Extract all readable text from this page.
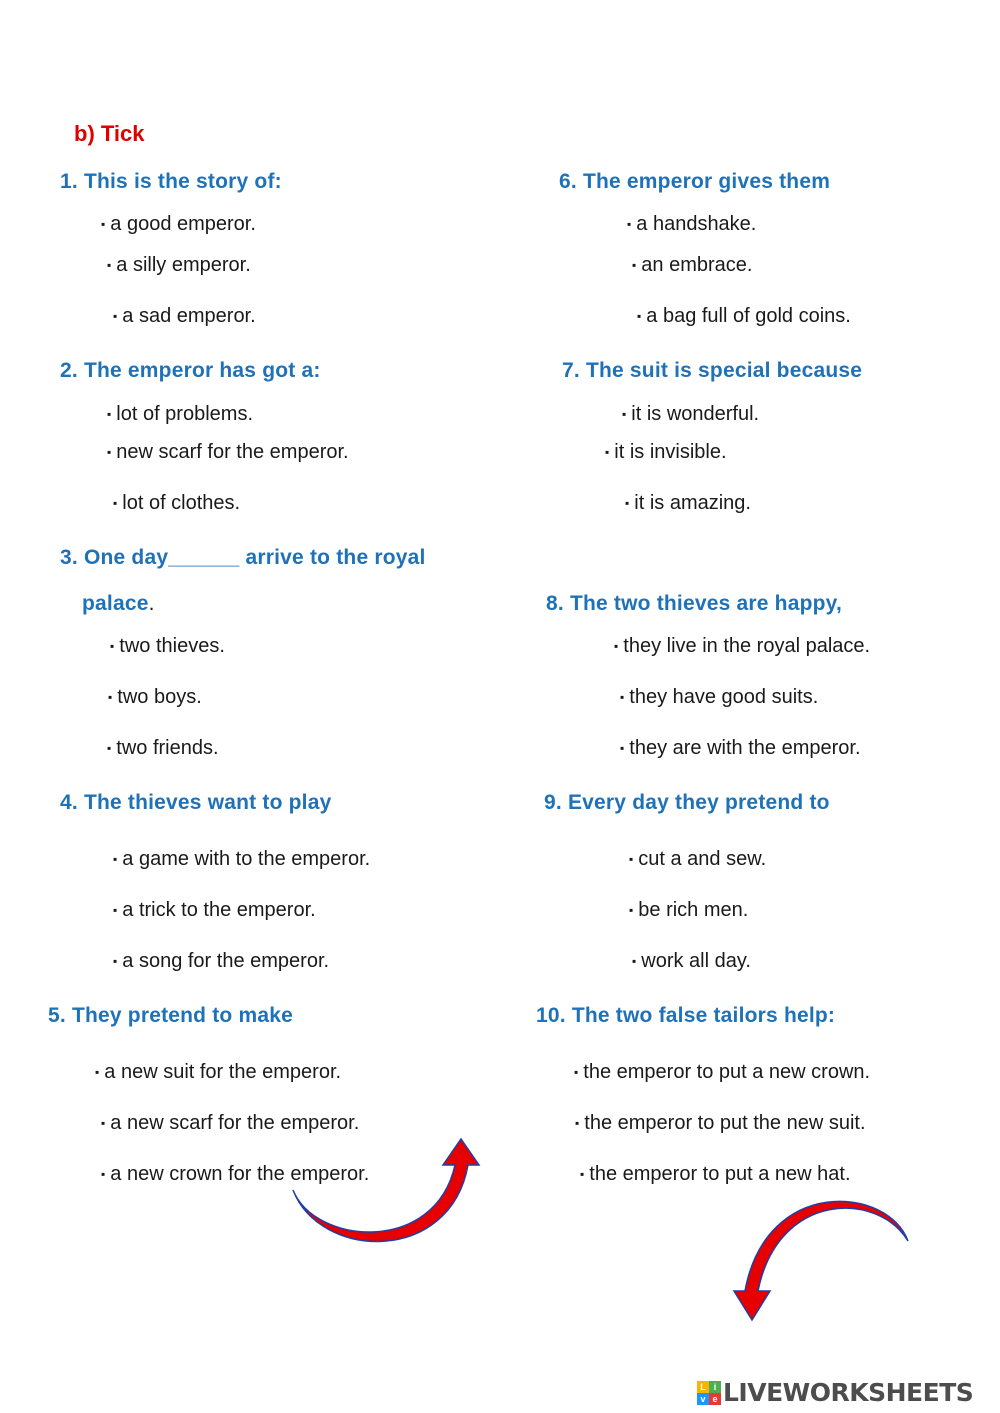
b) Tick
1. This is the story of:
▪ a good emperor.
▪ a silly emperor.
▪ a sad emperor.
2. The emperor has got a:
▪ lot of problems.
▪ new scarf for the emperor.
▪ lot of clothes.
3. One day______ arrive to the royal
palace.
▪ two thieves.
▪ two boys.
▪ two friends.
4. The thieves want to play
▪ a game with to the emperor.
▪ a trick to the emperor.
▪ a song for the emperor.
5. They pretend to make
▪ a new suit for the emperor.
▪ a new scarf for the emperor.
▪ a new crown for the emperor.
6. The emperor gives them
▪ a handshake.
▪ an embrace.
▪ a bag full of gold coins.
7. The suit is special because
▪ it is wonderful.
▪ it is invisible.
▪ it is amazing.
8. The two thieves are happy,
▪ they live in the royal palace.
▪ they have good suits.
▪ they are with the emperor.
9. Every day they pretend to
▪ cut a and sew.
▪ be rich men.
▪ work all day.
10. The two false tailors help:
▪ the emperor to put a new crown.
▪ the emperor to put the new suit.
▪ the emperor to put a new hat.
L i
v e LIVEWORKSHEETS
